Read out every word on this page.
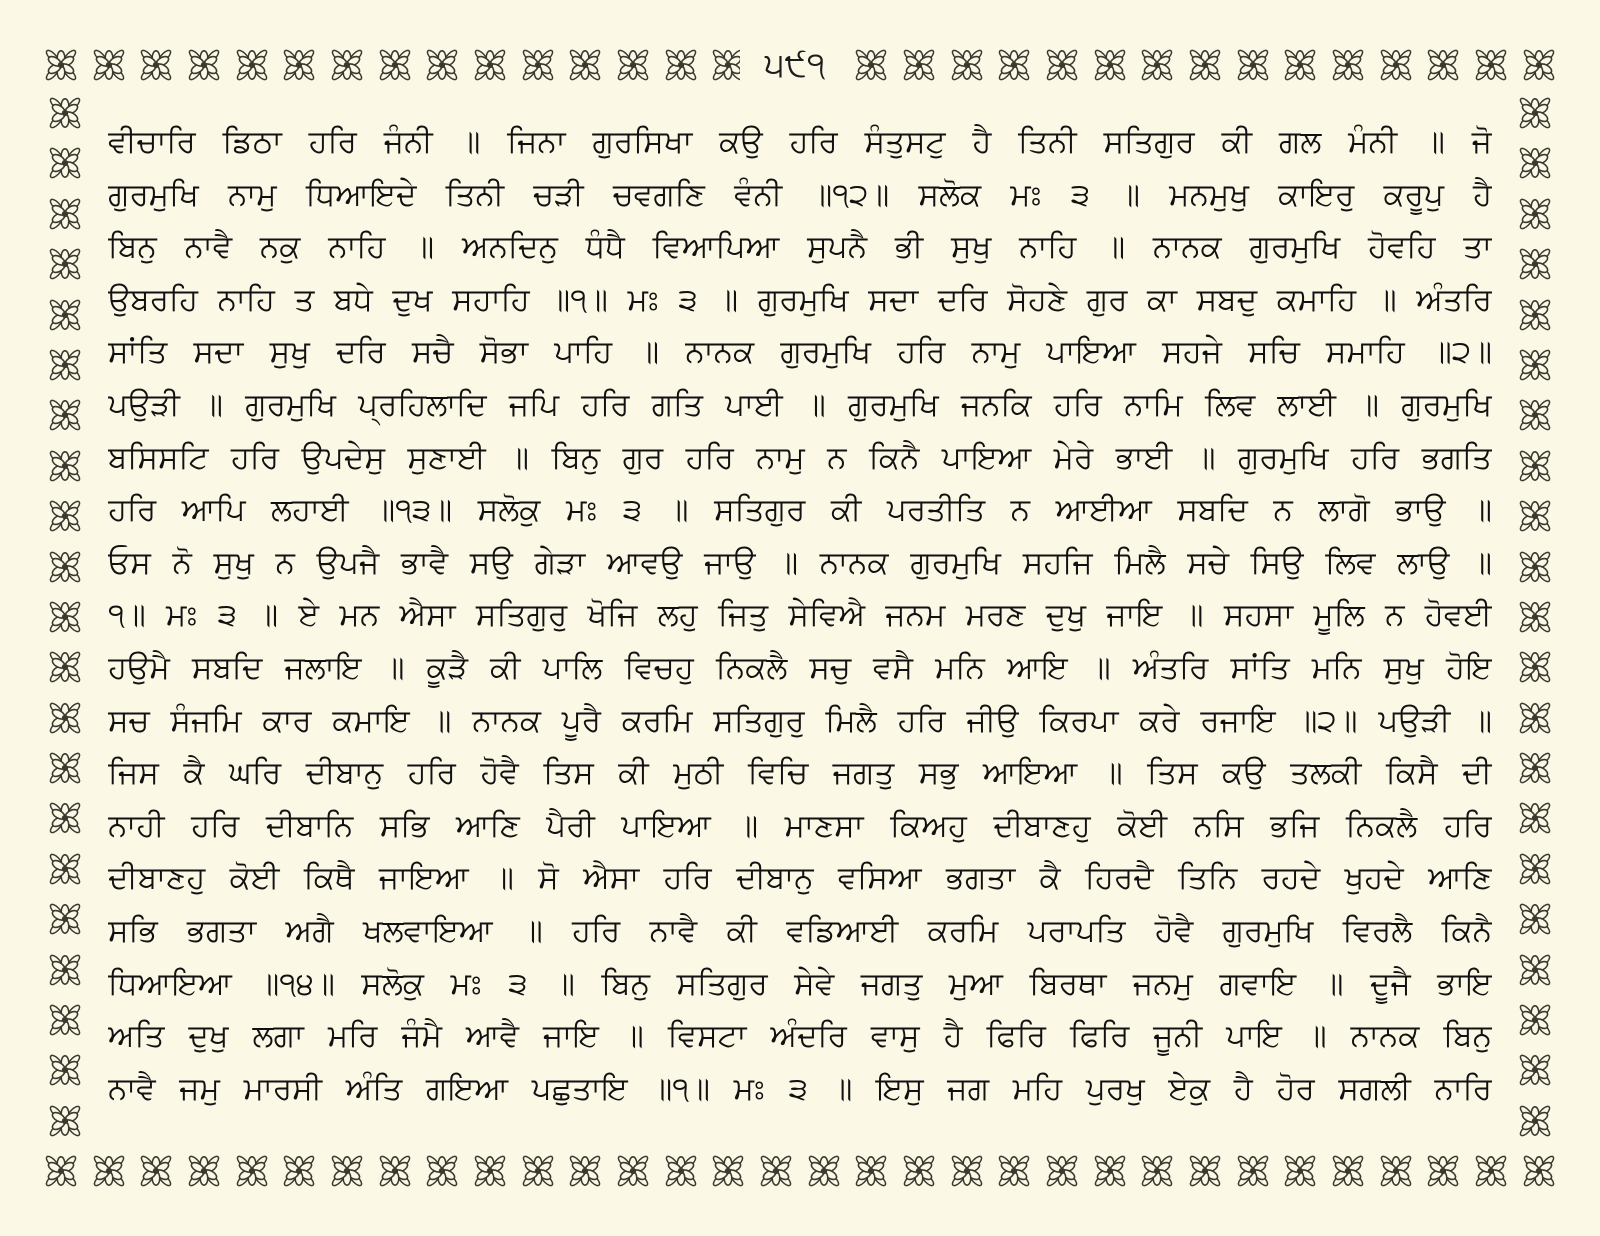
੫੯੧
ਵੀਚਾਰਿ ਡਿਠਾ ਹਰਿ ਜੰਨੀ ॥ ਜਿਨਾ ਗੁਰਸਿਖਾ ਕਉ ਹਰਿ ਸੰਤੁਸਟੁ ਹੈ ਤਿਨੀ ਸਤਿਗੁਰ ਕੀ ਗਲ ਮੰਨੀ ॥ ਜੋ
ਗੁਰਮੁਖਿ ਨਾਮੁ ਧਿਆਇਦੇ ਤਿਨੀ ਚੜੀ ਚਵਗਣਿ ਵੰਨੀ ॥੧੨॥ ਸਲੋਕ ਮਃ ੩ ॥ ਮਨਮੁਖੁ ਕਾਇਰੁ ਕਰੂਪੁ ਹੈ
ਬਿਨੁ ਨਾਵੈ ਨਕੁ ਨਾਹਿ ॥ ਅਨਦਿਨੁ ਧੰਧੈ ਵਿਆਪਿਆ ਸੁਪਨੈ ਭੀ ਸੁਖੁ ਨਾਹਿ ॥ ਨਾਨਕ ਗੁਰਮੁਖਿ ਹੋਵਹਿ ਤਾ
ਉਬਰਹਿ ਨਾਹਿ ਤ ਬਧੇ ਦੁਖ ਸਹਾਹਿ ॥੧॥ ਮਃ ੩ ॥ ਗੁਰਮੁਖਿ ਸਦਾ ਦਰਿ ਸੋਹਣੇ ਗੁਰ ਕਾ ਸਬਦੁ ਕਮਾਹਿ ॥ ਅੰਤਰਿ
ਸਾਂਤਿ ਸਦਾ ਸੁਖੁ ਦਰਿ ਸਚੈ ਸੋਭਾ ਪਾਹਿ ॥ ਨਾਨਕ ਗੁਰਮੁਖਿ ਹਰਿ ਨਾਮੁ ਪਾਇਆ ਸਹਜੇ ਸਚਿ ਸਮਾਹਿ ॥੨॥
ਪਉੜੀ ॥ ਗੁਰਮੁਖਿ ਪ੍ਰਹਿਲਾਦਿ ਜਪਿ ਹਰਿ ਗਤਿ ਪਾਈ ॥ ਗੁਰਮੁਖਿ ਜਨਕਿ ਹਰਿ ਨਾਮਿ ਲਿਵ ਲਾਈ ॥ ਗੁਰਮੁਖਿ
ਬਸਿਸਟਿ ਹਰਿ ਉਪਦੇਸੁ ਸੁਣਾਈ ॥ ਬਿਨੁ ਗੁਰ ਹਰਿ ਨਾਮੁ ਨ ਕਿਨੈ ਪਾਇਆ ਮੇਰੇ ਭਾਈ ॥ ਗੁਰਮੁਖਿ ਹਰਿ ਭਗਤਿ
ਹਰਿ ਆਪਿ ਲਹਾਈ ॥੧੩॥ ਸਲੋਕੁ ਮਃ ੩ ॥ ਸਤਿਗੁਰ ਕੀ ਪਰਤੀਤਿ ਨ ਆਈਆ ਸਬਦਿ ਨ ਲਾਗੋ ਭਾਉ ॥
ਓਸ ਨੋ ਸੁਖੁ ਨ ਉਪਜੈ ਭਾਵੈ ਸਉ ਗੇੜਾ ਆਵਉ ਜਾਉ ॥ ਨਾਨਕ ਗੁਰਮੁਖਿ ਸਹਜਿ ਮਿਲੈ ਸਚੇ ਸਿਉ ਲਿਵ ਲਾਉ ॥
੧॥ ਮਃ ੩ ॥ ਏ ਮਨ ਐਸਾ ਸਤਿਗੁਰੁ ਖੋਜਿ ਲਹੁ ਜਿਤੁ ਸੇਵਿਐ ਜਨਮ ਮਰਣ ਦੁਖੁ ਜਾਇ ॥ ਸਹਸਾ ਮੂਲਿ ਨ ਹੋਵਈ
ਹਉਮੈ ਸਬਦਿ ਜਲਾਇ ॥ ਕੂੜੈ ਕੀ ਪਾਲਿ ਵਿਚਹੁ ਨਿਕਲੈ ਸਚੁ ਵਸੈ ਮਨਿ ਆਇ ॥ ਅੰਤਰਿ ਸਾਂਤਿ ਮਨਿ ਸੁਖੁ ਹੋਇ
ਸਚ ਸੰਜਮਿ ਕਾਰ ਕਮਾਇ ॥ ਨਾਨਕ ਪੂਰੈ ਕਰਮਿ ਸਤਿਗੁਰੁ ਮਿਲੈ ਹਰਿ ਜੀਉ ਕਿਰਪਾ ਕਰੇ ਰਜਾਇ ॥੨॥ ਪਉੜੀ ॥
ਜਿਸ ਕੈ ਘਰਿ ਦੀਬਾਨੁ ਹਰਿ ਹੋਵੈ ਤਿਸ ਕੀ ਮੁਠੀ ਵਿਚਿ ਜਗਤੁ ਸਭੁ ਆਇਆ ॥ ਤਿਸ ਕਉ ਤਲਕੀ ਕਿਸੈ ਦੀ
ਨਾਹੀ ਹਰਿ ਦੀਬਾਨਿ ਸਭਿ ਆਣਿ ਪੈਰੀ ਪਾਇਆ ॥ ਮਾਣਸਾ ਕਿਅਹੁ ਦੀਬਾਣਹੁ ਕੋਈ ਨਸਿ ਭਜਿ ਨਿਕਲੈ ਹਰਿ
ਦੀਬਾਣਹੁ ਕੋਈ ਕਿਥੈ ਜਾਇਆ ॥ ਸੋ ਐਸਾ ਹਰਿ ਦੀਬਾਨੁ ਵਸਿਆ ਭਗਤਾ ਕੈ ਹਿਰਦੈ ਤਿਨਿ ਰਹਦੇ ਖੁਹਦੇ ਆਣਿ
ਸਭਿ ਭਗਤਾ ਅਗੈ ਖਲਵਾਇਆ ॥ ਹਰਿ ਨਾਵੈ ਕੀ ਵਡਿਆਈ ਕਰਮਿ ਪਰਾਪਤਿ ਹੋਵੈ ਗੁਰਮੁਖਿ ਵਿਰਲੈ ਕਿਨੈ
ਧਿਆਇਆ ॥੧੪॥ ਸਲੋਕੁ ਮਃ ੩ ॥ ਬਿਨੁ ਸਤਿਗੁਰ ਸੇਵੇ ਜਗਤੁ ਮੁਆ ਬਿਰਥਾ ਜਨਮੁ ਗਵਾਇ ॥ ਦੂਜੈ ਭਾਇ
ਅਤਿ ਦੁਖੁ ਲਗਾ ਮਰਿ ਜੰਮੈ ਆਵੈ ਜਾਇ ॥ ਵਿਸਟਾ ਅੰਦਰਿ ਵਾਸੁ ਹੈ ਫਿਰਿ ਫਿਰਿ ਜੂਨੀ ਪਾਇ ॥ ਨਾਨਕ ਬਿਨੁ
ਨਾਵੈ ਜਮੁ ਮਾਰਸੀ ਅੰਤਿ ਗਇਆ ਪਛੁਤਾਇ ॥੧॥ ਮਃ ੩ ॥ ਇਸੁ ਜਗ ਮਹਿ ਪੁਰਖੁ ਏਕੁ ਹੈ ਹੋਰ ਸਗਲੀ ਨਾਰਿ
